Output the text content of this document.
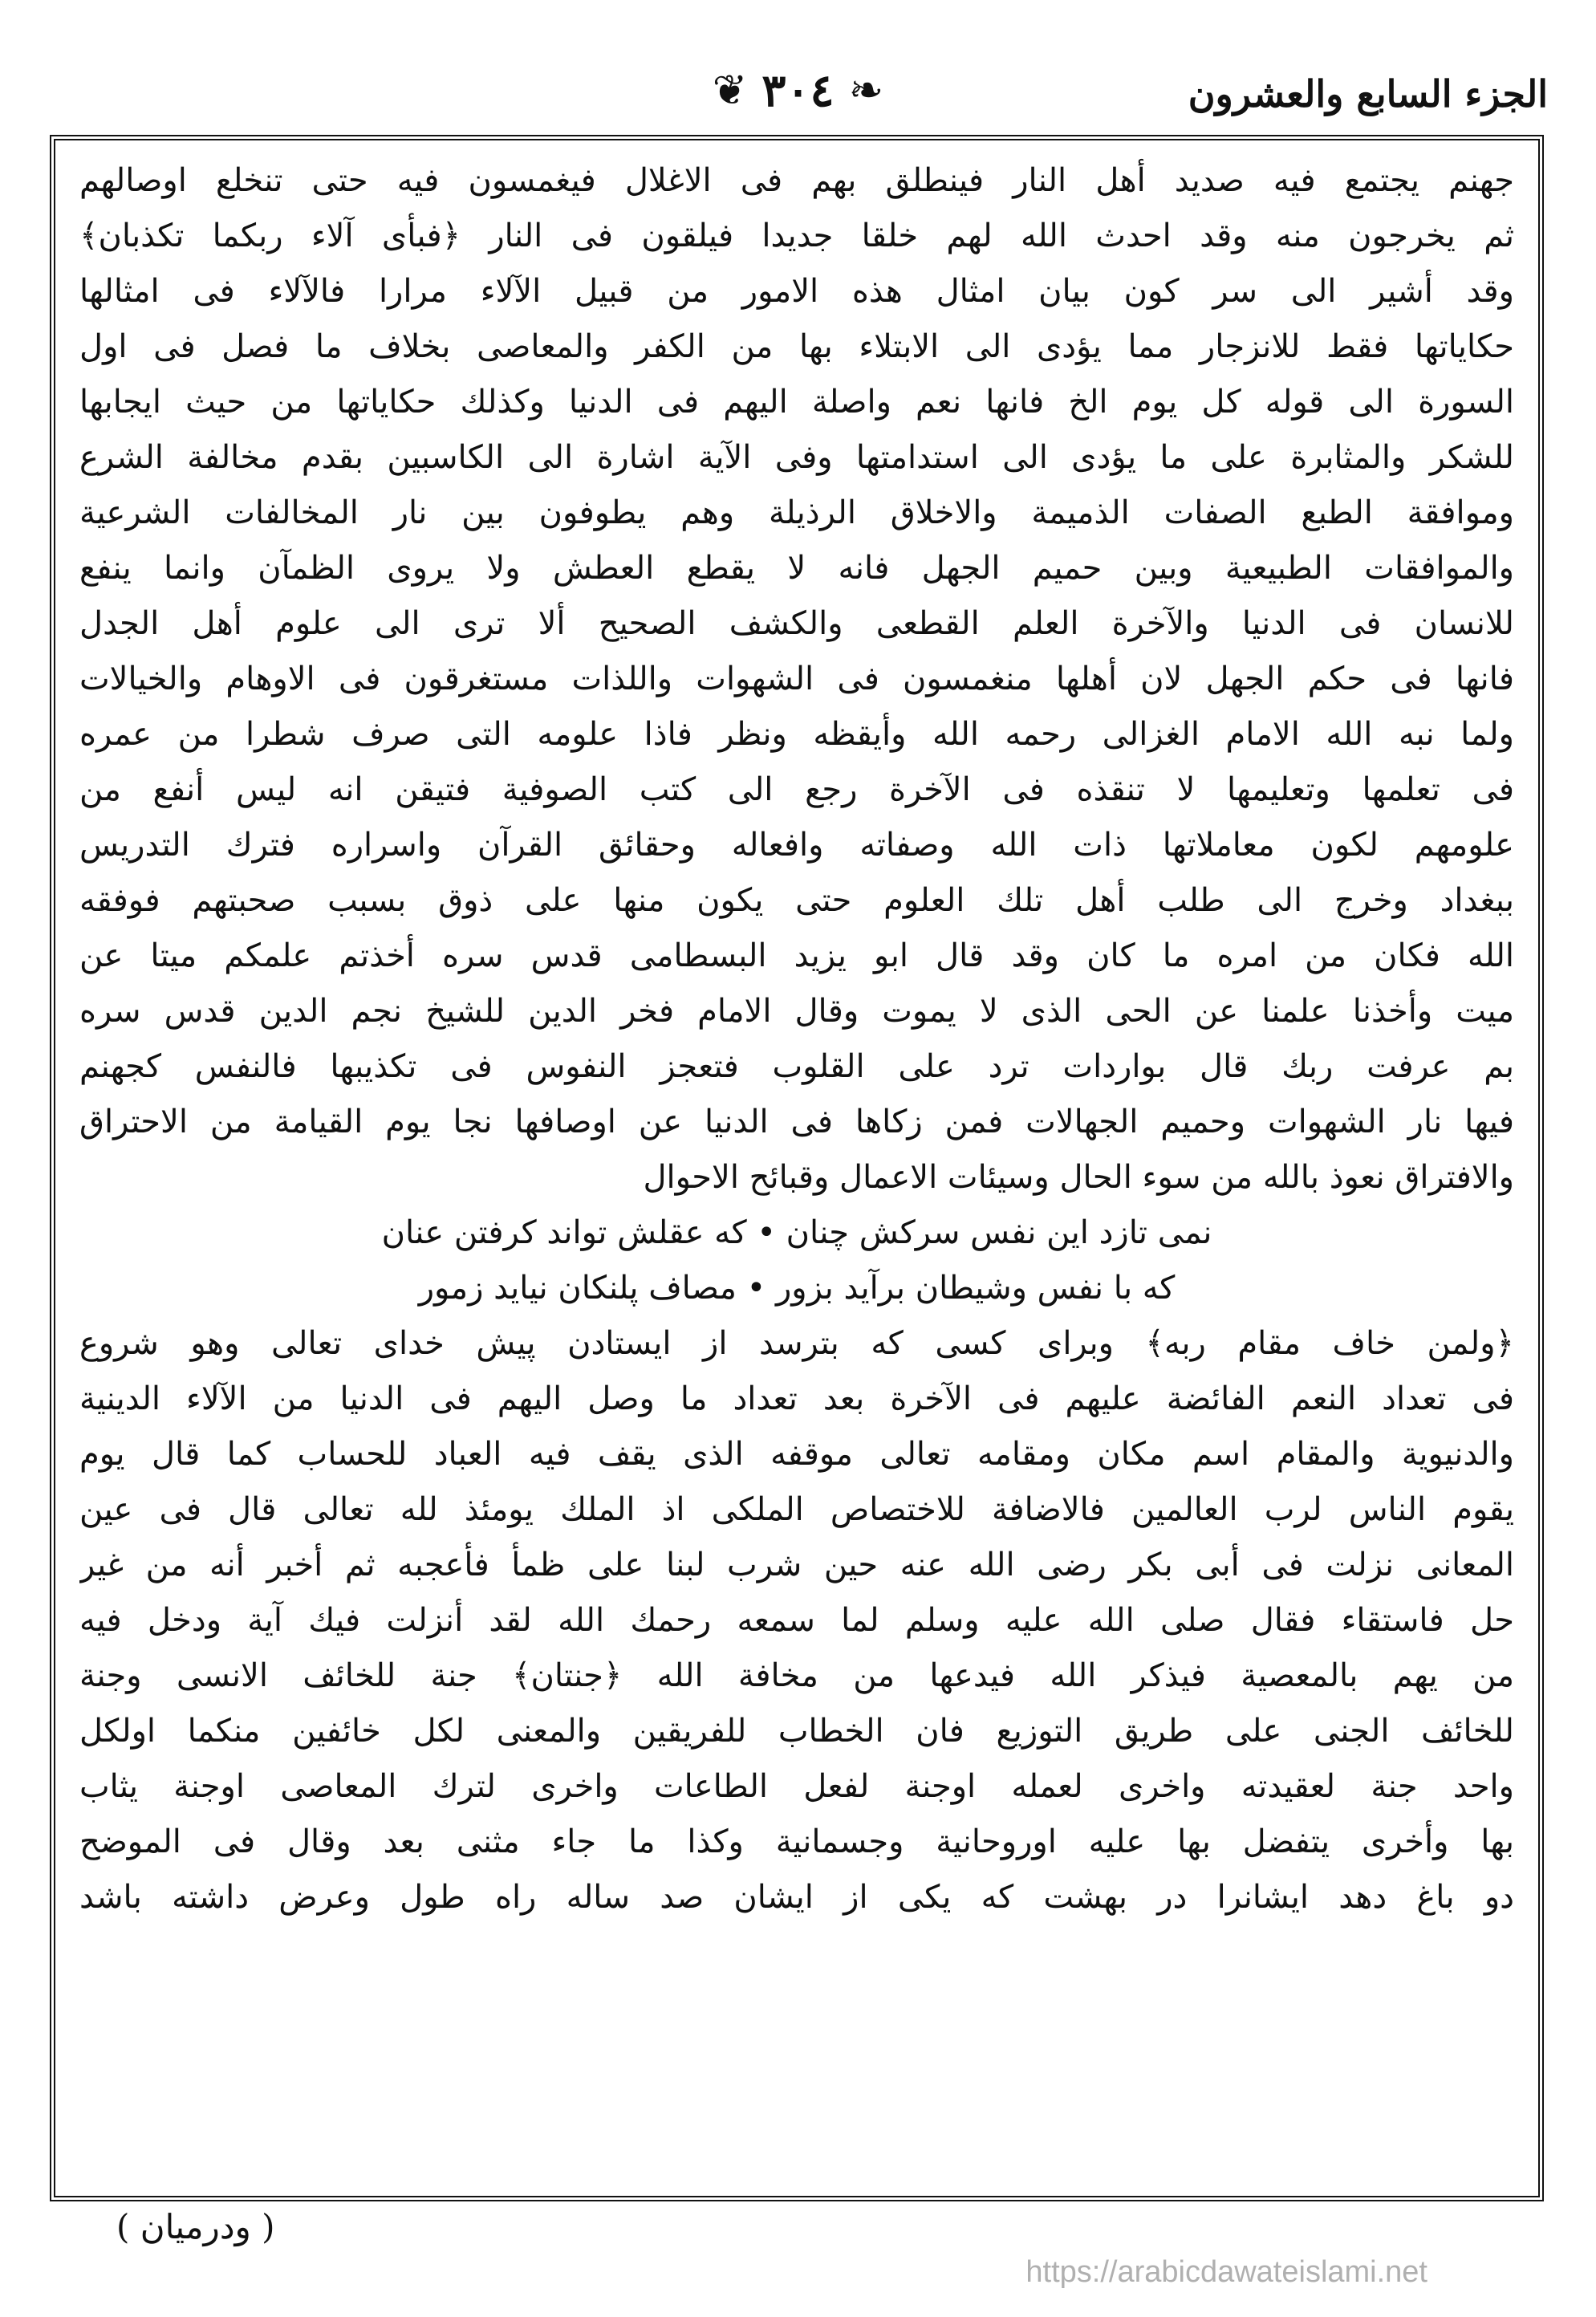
الجزء السابع والعشرون
❧
٣٠٤
❦
جهنم يجتمع فيه صديد أهل النار فينطلق بهم فى الاغلال فيغمسون فيه حتى تنخلع اوصالهم
ثم يخرجون منه وقد احدث الله لهم خلقا جديدا فيلقون فى النار ﴿فبأى آلاء ربكما تكذبان﴾
وقد أشير الى سر كون بيان امثال هذه الامور من قبيل الآلاء مرارا فالآلاء فى امثالها
حكاياتها فقط للانزجار مما يؤدى الى الابتلاء بها من الكفر والمعاصى بخلاف ما فصل فى اول
السورة الى قوله كل يوم الخ فانها نعم واصلة اليهم فى الدنيا وكذلك حكاياتها من حيث ايجابها
للشكر والمثابرة على ما يؤدى الى استدامتها وفى الآية اشارة الى الكاسبين بقدم مخالفة الشرع
وموافقة الطبع الصفات الذميمة والاخلاق الرذيلة وهم يطوفون بين نار المخالفات الشرعية
والموافقات الطبيعية وبين حميم الجهل فانه لا يقطع العطش ولا يروى الظمآن وانما ينفع
للانسان فى الدنيا والآخرة العلم القطعى والكشف الصحيح ألا ترى الى علوم أهل الجدل
فانها فى حكم الجهل لان أهلها منغمسون فى الشهوات واللذات مستغرقون فى الاوهام والخيالات
ولما نبه الله الامام الغزالى رحمه الله وأيقظه ونظر فاذا علومه التى صرف شطرا من عمره
فى تعلمها وتعليمها لا تنقذه فى الآخرة رجع الى كتب الصوفية فتيقن انه ليس أنفع من
علومهم لكون معاملاتها ذات الله وصفاته وافعاله وحقائق القرآن واسراره فترك التدريس
ببغداد وخرج الى طلب أهل تلك العلوم حتى يكون منها على ذوق بسبب صحبتهم فوفقه
الله فكان من امره ما كان وقد قال ابو يزيد البسطامى قدس سره أخذتم علمكم ميتا عن
ميت وأخذنا علمنا عن الحى الذى لا يموت وقال الامام فخر الدين للشيخ نجم الدين قدس سره
بم عرفت ربك قال بواردات ترد على القلوب فتعجز النفوس فى تكذيبها فالنفس كجهنم
فيها نار الشهوات وحميم الجهالات فمن زكاها فى الدنيا عن اوصافها نجا يوم القيامة من الاحتراق
والافتراق نعوذ بالله من سوء الحال وسيئات الاعمال وقبائح الاحوال
نمى تازد اين نفس سركش چنان • كه عقلش تواند كرفتن عنان
كه با نفس وشيطان برآيد بزور • مصاف پلنكان نيايد زمور
﴿ولمن خاف مقام ربه﴾ وبراى كسى كه بترسد از ايستادن پيش خداى تعالى وهو شروع
فى تعداد النعم الفائضة عليهم فى الآخرة بعد تعداد ما وصل اليهم فى الدنيا من الآلاء الدينية
والدنيوية والمقام اسم مكان ومقامه تعالى موقفه الذى يقف فيه العباد للحساب كما قال يوم
يقوم الناس لرب العالمين فالاضافة للاختصاص الملكى اذ الملك يومئذ لله تعالى قال فى عين
المعانى نزلت فى أبى بكر رضى الله عنه حين شرب لبنا على ظمأ فأعجبه ثم أخبر أنه من غير
حل فاستقاء فقال صلى الله عليه وسلم لما سمعه رحمك الله لقد أنزلت فيك آية ودخل فيه
من يهم بالمعصية فيذكر الله فيدعها من مخافة الله ﴿جنتان﴾ جنة للخائف الانسى وجنة
للخائف الجنى على طريق التوزيع فان الخطاب للفريقين والمعنى لكل خائفين منكما اولكل
واحد جنة لعقيدته واخرى لعمله اوجنة لفعل الطاعات واخرى لترك المعاصى اوجنة يثاب
بها وأخرى يتفضل بها عليه اوروحانية وجسمانية وكذا ما جاء مثنى بعد وقال فى الموضح
دو باغ دهد ايشانرا در بهشت كه يكى از ايشان صد ساله راه طول وعرض داشته باشد
( ودرميان )
https://arabicdawateislami.net
